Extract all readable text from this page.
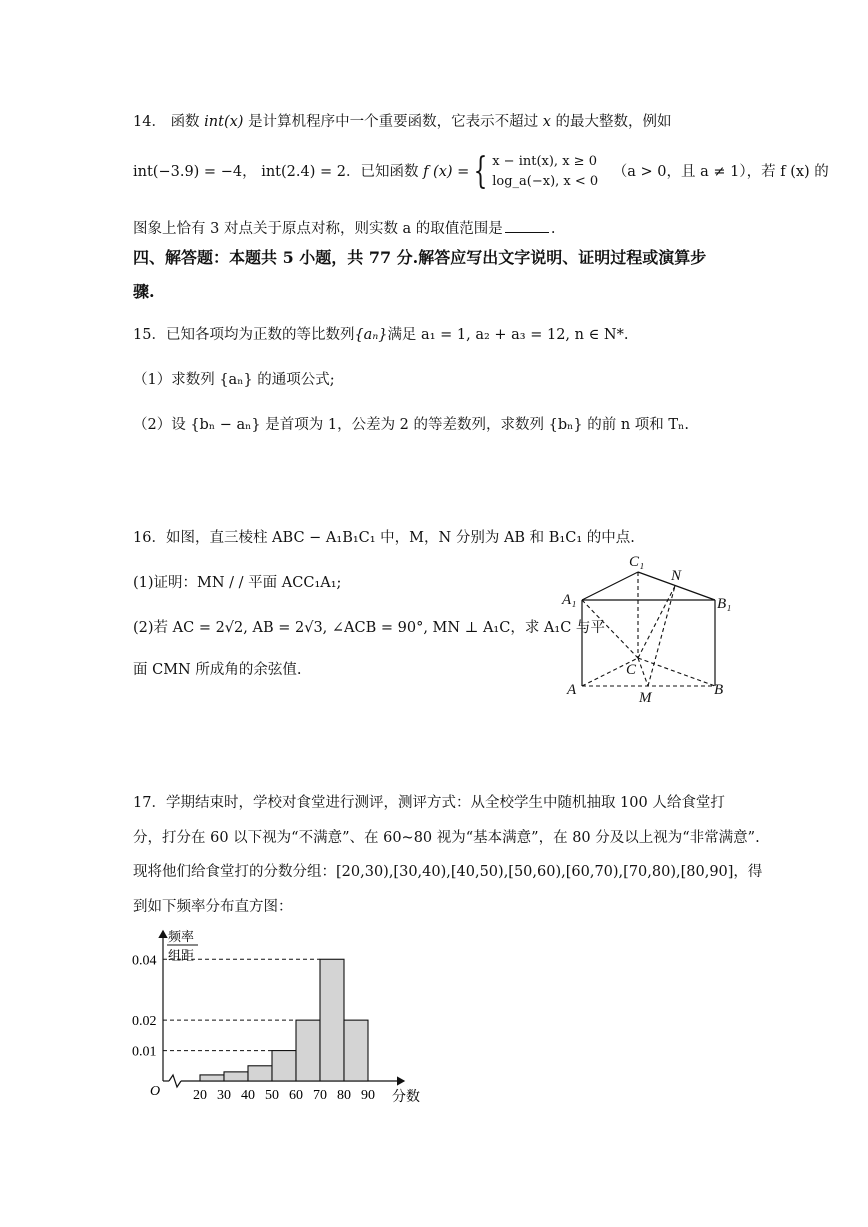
14． 函数 int(x) 是计算机程序中一个重要函数，它表示不超过 x 的最大整数，例如
int(−3.9) = −4， int(2.4) = 2．已知函数 f (x) = { x − int(x), x ≥ 0
log_a(−x), x < 0
（a > 0，且 a ≠ 1），若 f (x) 的
图象上恰有 3 对点关于原点对称，则实数 a 的取值范围是	.
四、解答题：本题共 5 小题，共 77 分.解答应写出文字说明、证明过程或演算步
骤.
15．已知各项均为正数的等比数列{aₙ}满足 a₁ = 1, a₂ + a₃ = 12, n ∈ N*.
（1）求数列 {aₙ} 的通项公式;
（2）设 {bₙ − aₙ} 是首项为 1，公差为 2 的等差数列，求数列 {bₙ} 的前 n 项和 Tₙ.
16．如图，直三棱柱 ABC − A₁B₁C₁ 中，M，N 分别为 AB 和 B₁C₁ 的中点.
(1)证明：MN / / 平面 ACC₁A₁;
(2)若 AC = 2√2, AB = 2√3, ∠ACB = 90°, MN ⊥ A₁C，求 A₁C 与平
面 CMN 所成角的余弦值.
C₁
N
A₁	B₁
A
C
M	B
17．学期结束时，学校对食堂进行测评，测评方式：从全校学生中随机抽取 100 人给食堂打
分，打分在 60 以下视为“不满意”、在 60~80 视为“基本满意”，在 80 分及以上视为“非常满意”.
现将他们给食堂打的分数分组：[20,30),[30,40),[40,50),[50,60),[60,70),[70,80),[80,90]，得
到如下频率分布直方图：
频率
组距
O	分数
0.01
0.02
0.04
20 30 40 50 60 70 80 90
